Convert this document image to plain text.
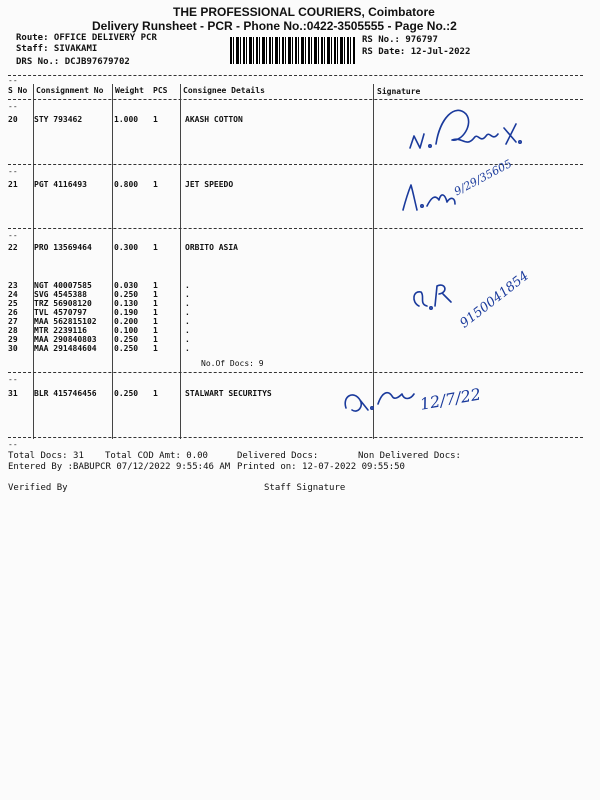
THE PROFESSIONAL COURIERS, Coimbatore
Delivery Runsheet - PCR - Phone No.:0422-3505555 - Page No.:2
Route: OFFICE DELIVERY PCR
Staff: SIVAKAMI
DRS No.: DCJB97679702
RS No.: 976797
RS Date: 12-Jul-2022
--
S No Consignment No Weight PCS Consignee Details	Signature
--
--
--
--
--
20 STY 793462	1.000 1	AKASH COTTON
21 PGT 4116493	0.800 1	JET SPEEDO
22 PRO 13569464	0.300 1	ORBITO ASIA
23 NGT 40007585	0.030 1	.
24 SVG 4545388	0.250 1	.
25 TRZ 56908120	0.130 1	.
26 TVL 4570797	0.190 1	.
27 MAA 562815102 0.200 1	.
28 MTR 2239116	0.100 1	.
29 MAA 290840803 0.250 1	.
30 MAA 291484604 0.250 1	.
No.Of Docs: 9
31 BLR 415746456 0.250 1	STALWART SECURITYS
9/29/35605
9150041854
12/7/22
Total Docs: 31 Total COD Amt: 0.00	Delivered Docs:	Non Delivered Docs:
Entered By :BABUPCR 07/12/2022 9:55:46 AM Printed on: 12-07-2022 09:55:50
Verified By	Staff Signature
